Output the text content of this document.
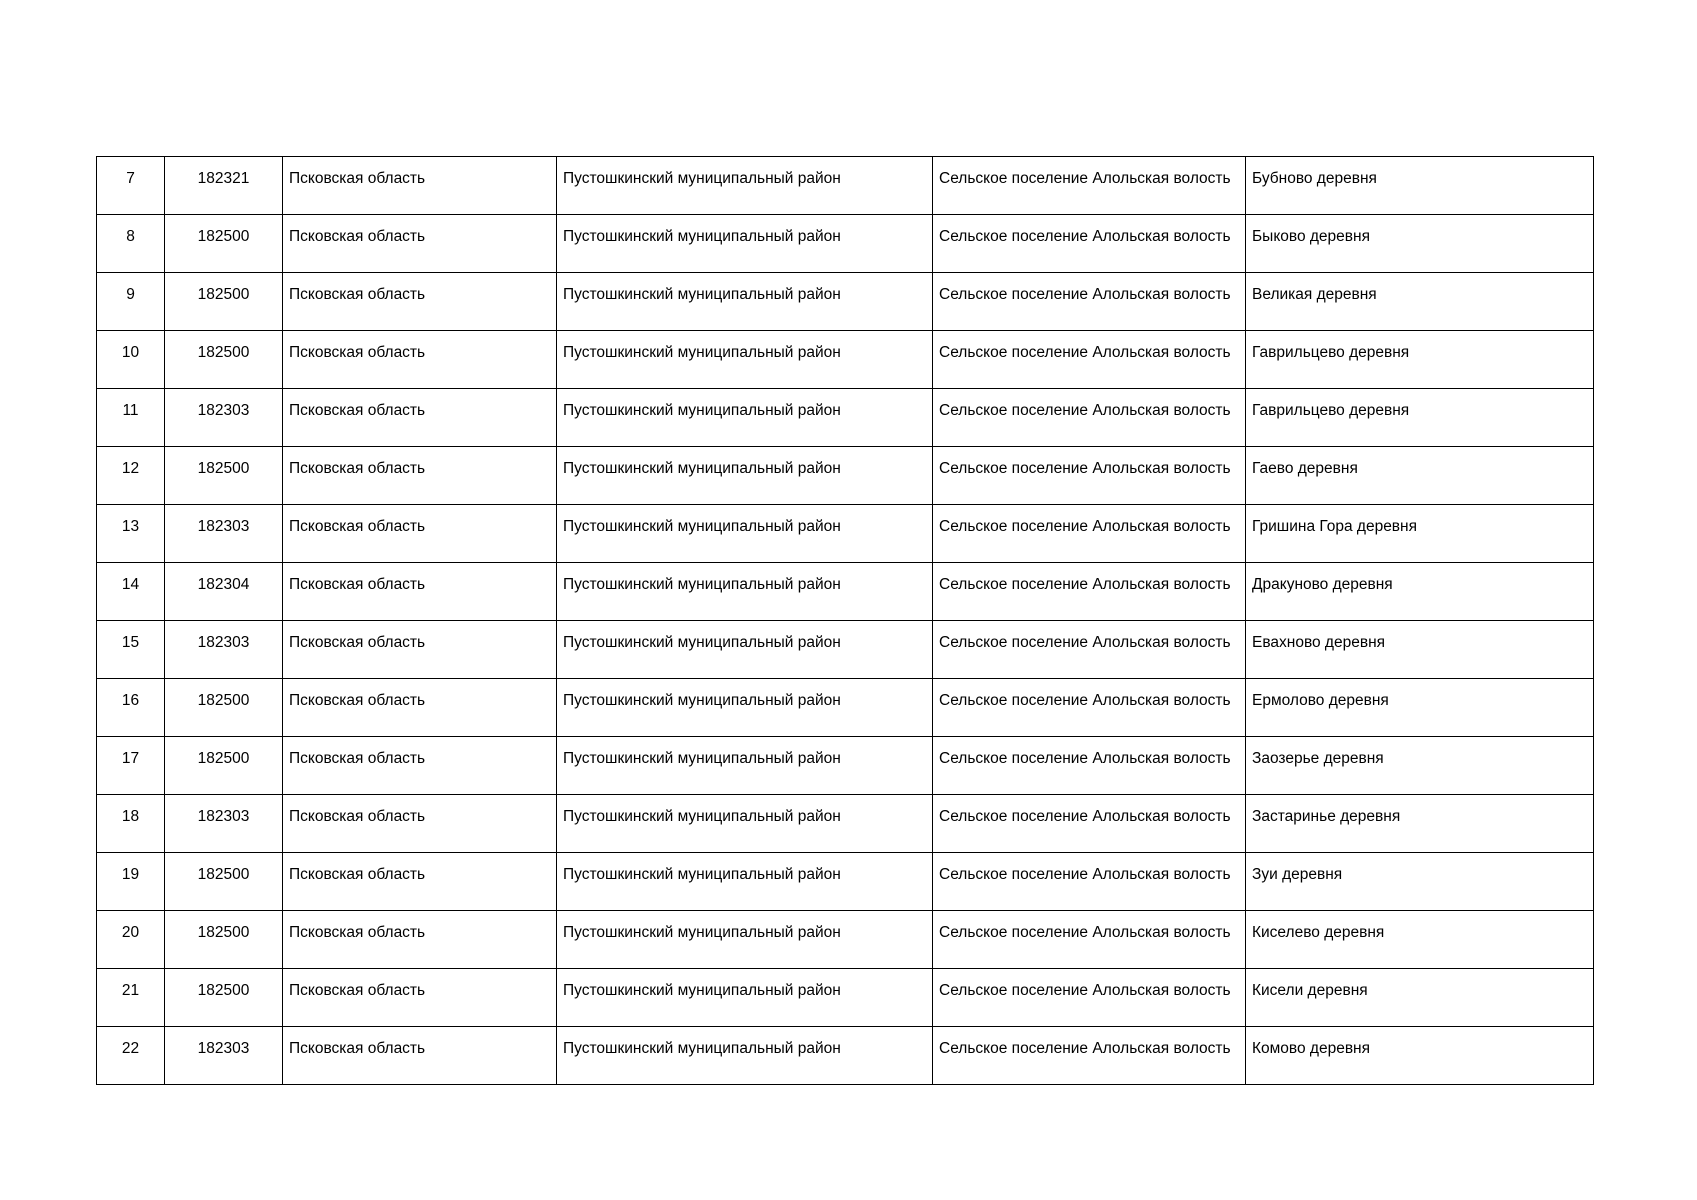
7	182321	Псковская область	Пустошкинский муниципальный район	Сельское поселение Алольская волость	Бубново деревня
8	182500	Псковская область	Пустошкинский муниципальный район	Сельское поселение Алольская волость	Быково деревня
9	182500	Псковская область	Пустошкинский муниципальный район	Сельское поселение Алольская волость	Великая деревня
10	182500	Псковская область	Пустошкинский муниципальный район	Сельское поселение Алольская волость	Гаврильцево деревня
11	182303	Псковская область	Пустошкинский муниципальный район	Сельское поселение Алольская волость	Гаврильцево деревня
12	182500	Псковская область	Пустошкинский муниципальный район	Сельское поселение Алольская волость	Гаево деревня
13	182303	Псковская область	Пустошкинский муниципальный район	Сельское поселение Алольская волость	Гришина Гора деревня
14	182304	Псковская область	Пустошкинский муниципальный район	Сельское поселение Алольская волость	Дракуново деревня
15	182303	Псковская область	Пустошкинский муниципальный район	Сельское поселение Алольская волость	Евахново деревня
16	182500	Псковская область	Пустошкинский муниципальный район	Сельское поселение Алольская волость	Ермолово деревня
17	182500	Псковская область	Пустошкинский муниципальный район	Сельское поселение Алольская волость	Заозерье деревня
18	182303	Псковская область	Пустошкинский муниципальный район	Сельское поселение Алольская волость	Застаринье деревня
19	182500	Псковская область	Пустошкинский муниципальный район	Сельское поселение Алольская волость	Зуи деревня
20	182500	Псковская область	Пустошкинский муниципальный район	Сельское поселение Алольская волость	Киселево деревня
21	182500	Псковская область	Пустошкинский муниципальный район	Сельское поселение Алольская волость	Кисели деревня
22	182303	Псковская область	Пустошкинский муниципальный район	Сельское поселение Алольская волость	Комово деревня
